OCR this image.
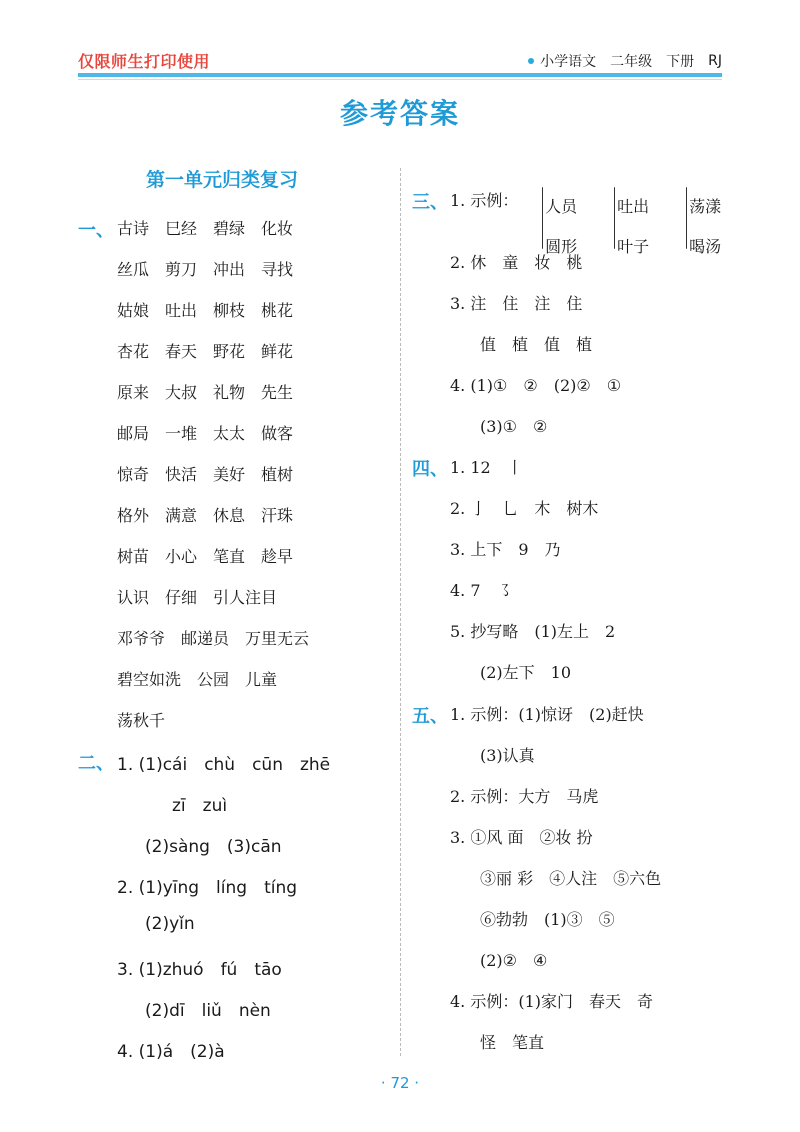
仅限师生打印使用	小学语文 二年级 下册 RJ
参考答案
第一单元归类复习
一、 古诗　巳经　碧绿　化妆
丝瓜　剪刀　冲出　寻找
姑娘　吐出　柳枝　桃花
杏花　春天　野花　鲜花
原来　大叔　礼物　先生
邮局　一堆　太太　做客
惊奇　快活　美好　植树
格外　满意　休息　汗珠
树苗　小心　笔直　趁早
认识　仔细　引人注目
邓爷爷　邮递员　万里无云
碧空如洗　公园　儿童
荡秋千
二、 1. (1)cái　chù　cūn　zhē
zī　zuì
(2)sàng　(3)cān
2. (1)yīng　líng　tíng
(2)yǐn
3. (1)zhuó　fú　tāo
(2)dī　liǔ　nèn
4. (1)á　(2)à
三、 1. 示例：	人员
圆形

吐出
叶子

荡漾
喝汤

2. 休　童　妆　桃
3. 注　住　注　住
值　植　值　植
4. (1)①　②　(2)②　①
(3)①　②
四、 1. 12　丨
2. 亅　乚　木　树木
3. 上下　9　乃
4. 7　㇌
5. 抄写略　(1)左上　2
(2)左下　10
五、 1. 示例：(1)惊讶　(2)赶快
(3)认真
2. 示例：大方　马虎
3. ①风 面　②妆 扮
③丽 彩　④人注　⑤六色
⑥勃勃　(1)③　⑤
(2)②　④
4. 示例：(1)家门　春天　奇
怪　笔直
· 72 ·
